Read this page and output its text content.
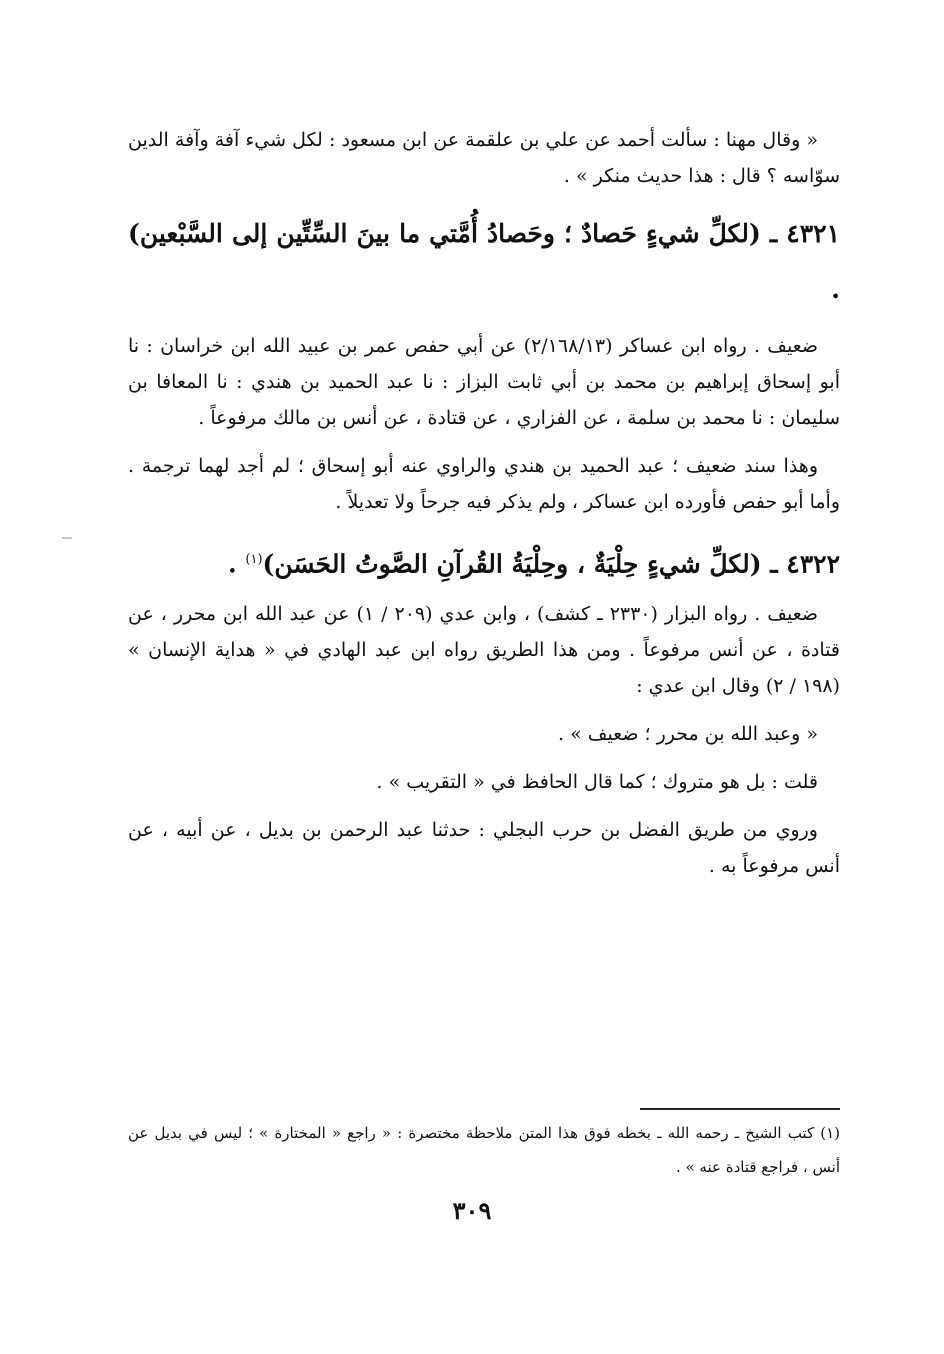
« وقال مهنا : سألت أحمد عن علي بن علقمة عن ابن مسعود : لكل شيء آفة وآفة الدين سوّاسه ؟ قال : هذا حديث منكر » .

٤٣٢١ ـ (لكلِّ شيءٍ حَصادٌ ؛ وحَصادُ أُمَّتي ما بينَ السِّتِّين إلى السَّبْعين) .

ضعيف . رواه ابن عساكر (٢/١٦٨/١٣) عن أبي حفص عمر بن عبيد الله ابن خراسان : نا أبو إسحاق إبراهيم بن محمد بن أبي ثابت البزاز : نا عبد الحميد بن هندي : نا المعافا بن سليمان : نا محمد بن سلمة ، عن الفزاري ، عن قتادة ، عن أنس بن مالك مرفوعاً .

وهذا سند ضعيف ؛ عبد الحميد بن هندي والراوي عنه أبو إسحاق ؛ لم أجد لهما ترجمة . وأما أبو حفص فأورده ابن عساكر ، ولم يذكر فيه جرحاً ولا تعديلاً .

٤٣٢٢ ـ (لكلِّ شيءٍ حِلْيَةٌ ، وحِلْيَةُ القُرآنِ الصَّوتُ الحَسَن)$^{(١)}$ .

ضعيف . رواه البزار (٢٣٣٠ ـ كشف) ، وابن عدي (٢٠٩ / ١) عن عبد الله ابن محرر ، عن قتادة ، عن أنس مرفوعاً . ومن هذا الطريق رواه ابن عبد الهادي في « هداية الإنسان » (١٩٨ / ٢) وقال ابن عدي :

« وعبد الله بن محرر ؛ ضعيف » .

قلت : بل هو متروك ؛ كما قال الحافظ في « التقريب » .

وروي من طريق الفضل بن حرب البجلي : حدثنا عبد الرحمن بن بديل ، عن أبيه ، عن أنس مرفوعاً به .

(١) كتب الشيخ ـ رحمه الله ـ بخطه فوق هذا المتن ملاحظة مختصرة : « راجع « المختارة » ؛ ليس في بديل عن أنس ، فراجع قتادة عنه » .
٣٠٩
